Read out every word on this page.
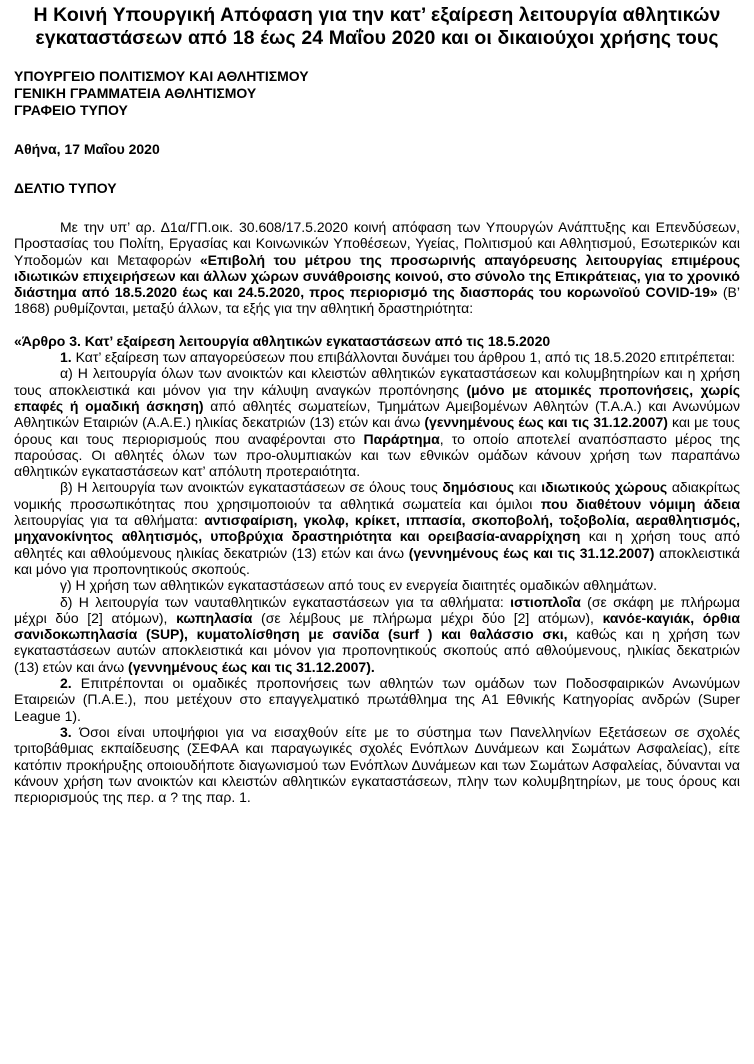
Η Κοινή Υπουργική Απόφαση για την κατ’ εξαίρεση λειτουργία αθλητικών εγκαταστάσεων από 18 έως 24 Μαΐου 2020 και οι δικαιούχοι χρήσης τους
ΥΠΟΥΡΓΕΙΟ ΠΟΛΙΤΙΣΜΟΥ ΚΑΙ ΑΘΛΗΤΙΣΜΟΥ
ΓΕΝΙΚΗ ΓΡΑΜΜΑΤΕΙΑ ΑΘΛΗΤΙΣΜΟΥ
ΓΡΑΦΕΙΟ ΤΥΠΟΥ
Αθήνα, 17 Μαΐου 2020
ΔΕΛΤΙΟ ΤΥΠΟΥ

Με την υπ’ αρ. Δ1α/ΓΠ.οικ. 30.608/17.5.2020 κοινή απόφαση των Υπουργών Ανάπτυξης και Επενδύσεων, Προστασίας του Πολίτη, Εργασίας και Κοινωνικών Υποθέσεων, Υγείας, Πολιτισμού και Αθλητισμού, Εσωτερικών και Υποδομών και Μεταφορών «Επιβολή του μέτρου της προσωρινής απαγόρευσης λειτουργίας επιμέρους ιδιωτικών επιχειρήσεων και άλλων χώρων συνάθροισης κοινού, στο σύνολο της Επικράτειας, για το χρονικό διάστημα από 18.5.2020 έως και 24.5.2020, προς περιορισμό της διασποράς του κορωνοϊού COVID-19» (Β’ 1868) ρυθμίζονται, μεταξύ άλλων, τα εξής για την αθλητική δραστηριότητα:

«Άρθρο 3. Κατ’ εξαίρεση λειτουργία αθλητικών εγκαταστάσεων από τις 18.5.2020

1. Κατ’ εξαίρεση των απαγορεύσεων που επιβάλλονται δυνάμει του άρθρου 1, από τις 18.5.2020 επιτρέπεται:

α) Η λειτουργία όλων των ανοικτών και κλειστών αθλητικών εγκαταστάσεων και κολυμβητηρίων και η χρήση τους αποκλειστικά και μόνον για την κάλυψη αναγκών προπόνησης (μόνο με ατομικές προπονήσεις, χωρίς επαφές ή ομαδική άσκηση) από αθλητές σωματείων, Τμημάτων Αμειβομένων Αθλητών (Τ.Α.Α.) και Ανωνύμων Αθλητικών Εταιριών (Α.Α.Ε.) ηλικίας δεκατριών (13) ετών και άνω (γεννημένους έως και τις 31.12.2007) και με τους όρους και τους περιορισμούς που αναφέρονται στο Παράρτημα, το οποίο αποτελεί αναπόσπαστο μέρος της παρούσας. Οι αθλητές όλων των προ-ολυμπιακών και των εθνικών ομάδων κάνουν χρήση των παραπάνω αθλητικών εγκαταστάσεων κατ’ απόλυτη προτεραιότητα.

β) Η λειτουργία των ανοικτών εγκαταστάσεων σε όλους τους δημόσιους και ιδιωτικούς χώρους αδιακρίτως νομικής προσωπικότητας που χρησιμοποιούν τα αθλητικά σωματεία και όμιλοι που διαθέτουν νόμιμη άδεια λειτουργίας για τα αθλήματα: αντισφαίριση, γκολφ, κρίκετ, ιππασία, σκοποβολή, τοξοβολία, αεραθλητισμός, μηχανοκίνητος αθλητισμός, υποβρύχια δραστηριότητα και ορειβασία-αναρρίχηση και η χρήση τους από αθλητές και αθλούμενους ηλικίας δεκατριών (13) ετών και άνω (γεννημένους έως και τις 31.12.2007) αποκλειστικά και μόνο για προπονητικούς σκοπούς.

γ) Η χρήση των αθλητικών εγκαταστάσεων από τους εν ενεργεία διαιτητές ομαδικών αθλημάτων.

δ) Η λειτουργία των ναυταθλητικών εγκαταστάσεων για τα αθλήματα: ιστιοπλοΐα (σε σκάφη με πλήρωμα μέχρι δύο [2] ατόμων), κωπηλασία (σε λέμβους με πλήρωμα μέχρι δύο [2] ατόμων), κανόε-καγιάκ, όρθια σανιδοκωπηλασία (SUP), κυματολίσθηση με σανίδα (surf ) και θαλάσσιο σκι, καθώς και η χρήση των εγκαταστάσεων αυτών αποκλειστικά και μόνον για προπονητικούς σκοπούς από αθλούμενους, ηλικίας δεκατριών (13) ετών και άνω (γεννημένους έως και τις 31.12.2007).

2. Επιτρέπονται οι ομαδικές προπονήσεις των αθλητών των ομάδων των Ποδοσφαιρικών Ανωνύμων Εταιρειών (Π.Α.Ε.), που μετέχουν στο επαγγελματικό πρωτάθλημα της Α1 Εθνικής Κατηγορίας ανδρών (Super League 1).

3. Όσοι είναι υποψήφιοι για να εισαχθούν είτε με το σύστημα των Πανελληνίων Εξετάσεων σε σχολές τριτοβάθμιας εκπαίδευσης (ΣΕΦΑΑ και παραγωγικές σχολές Ενόπλων Δυνάμεων και Σωμάτων Ασφαλείας), είτε κατόπιν προκήρυξης οποιουδήποτε διαγωνισμού των Ενόπλων Δυνάμεων και των Σωμάτων Ασφαλείας, δύνανται να κάνουν χρήση των ανοικτών και κλειστών αθλητικών εγκαταστάσεων, πλην των κολυμβητηρίων, με τους όρους και περιορισμούς της περ. α ? της παρ. 1.
